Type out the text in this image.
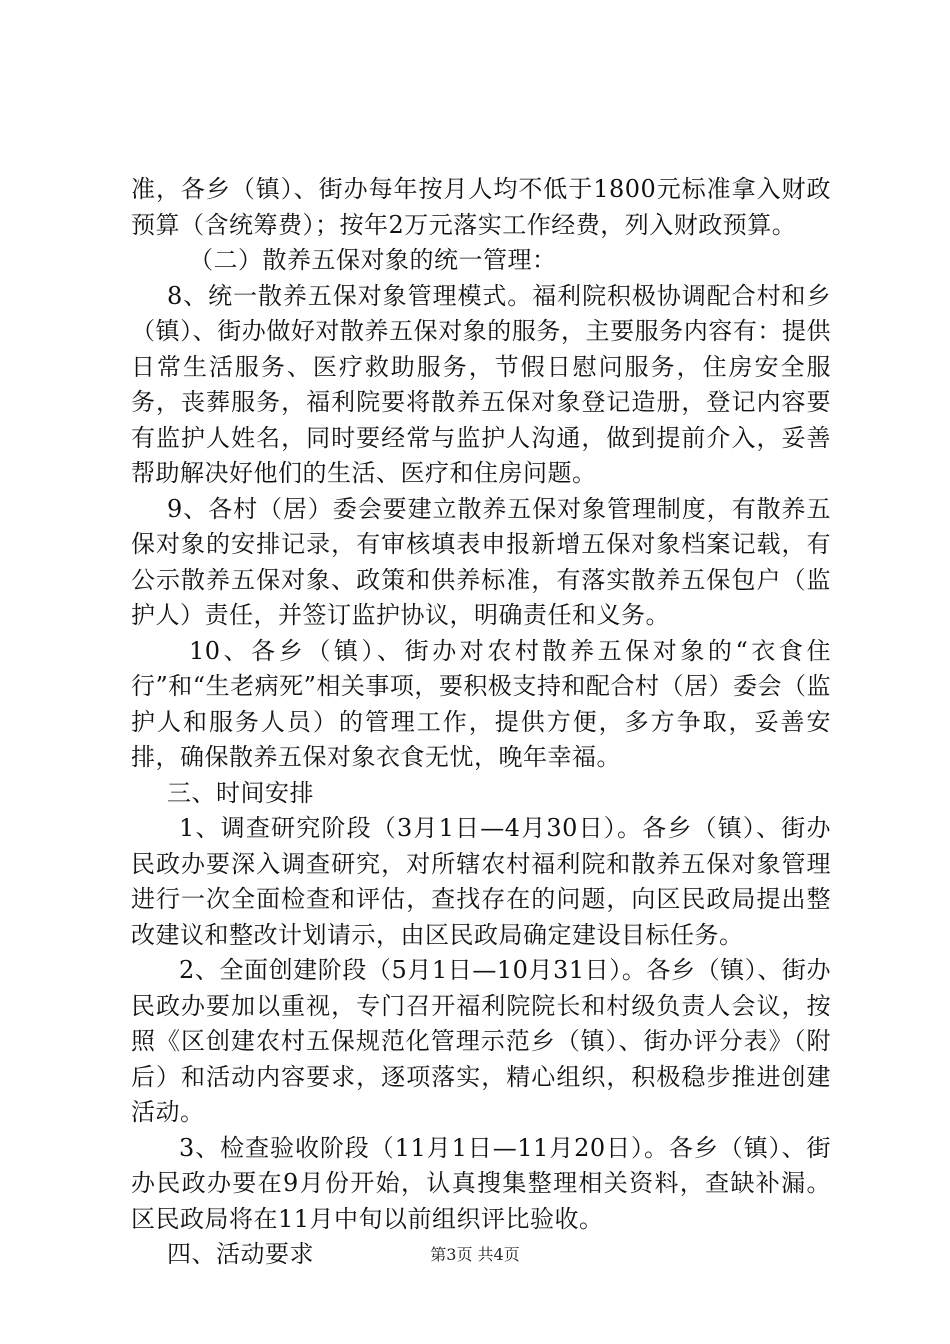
准，各乡（镇）、街办每年按月人均不低于1800元标准拿入财政预算（含统筹费）；按年2万元落实工作经费，列入财政预算。

（二）散养五保对象的统一管理：

8、统一散养五保对象管理模式。福利院积极协调配合村和乡（镇）、街办做好对散养五保对象的服务，主要服务内容有：提供日常生活服务、医疗救助服务，节假日慰问服务，住房安全服务，丧葬服务，福利院要将散养五保对象登记造册，登记内容要有监护人姓名，同时要经常与监护人沟通，做到提前介入，妥善帮助解决好他们的生活、医疗和住房问题。

9、各村（居）委会要建立散养五保对象管理制度，有散养五保对象的安排记录，有审核填表申报新增五保对象档案记载，有公示散养五保对象、政策和供养标准，有落实散养五保包户（监护人）责任，并签订监护协议，明确责任和义务。

10、各乡（镇）、街办对农村散养五保对象的“衣食住行”和“生老病死”相关事项，要积极支持和配合村（居）委会（监护人和服务人员）的管理工作，提供方便，多方争取，妥善安排，确保散养五保对象衣食无忧，晚年幸福。

三、时间安排

1、调查研究阶段（3月1日—4月30日）。各乡（镇）、街办民政办要深入调查研究，对所辖农村福利院和散养五保对象管理进行一次全面检查和评估，查找存在的问题，向区民政局提出整改建议和整改计划请示，由区民政局确定建设目标任务。

2、全面创建阶段（5月1日—10月31日）。各乡（镇）、街办民政办要加以重视，专门召开福利院院长和村级负责人会议，按照《区创建农村五保规范化管理示范乡（镇）、街办评分表》（附后）和活动内容要求，逐项落实，精心组织，积极稳步推进创建活动。

3、检查验收阶段（11月1日—11月20日）。各乡（镇）、街办民政办要在9月份开始，认真搜集整理相关资料，查缺补漏。区民政局将在11月中旬以前组织评比验收。

四、活动要求	第3页 共4页
